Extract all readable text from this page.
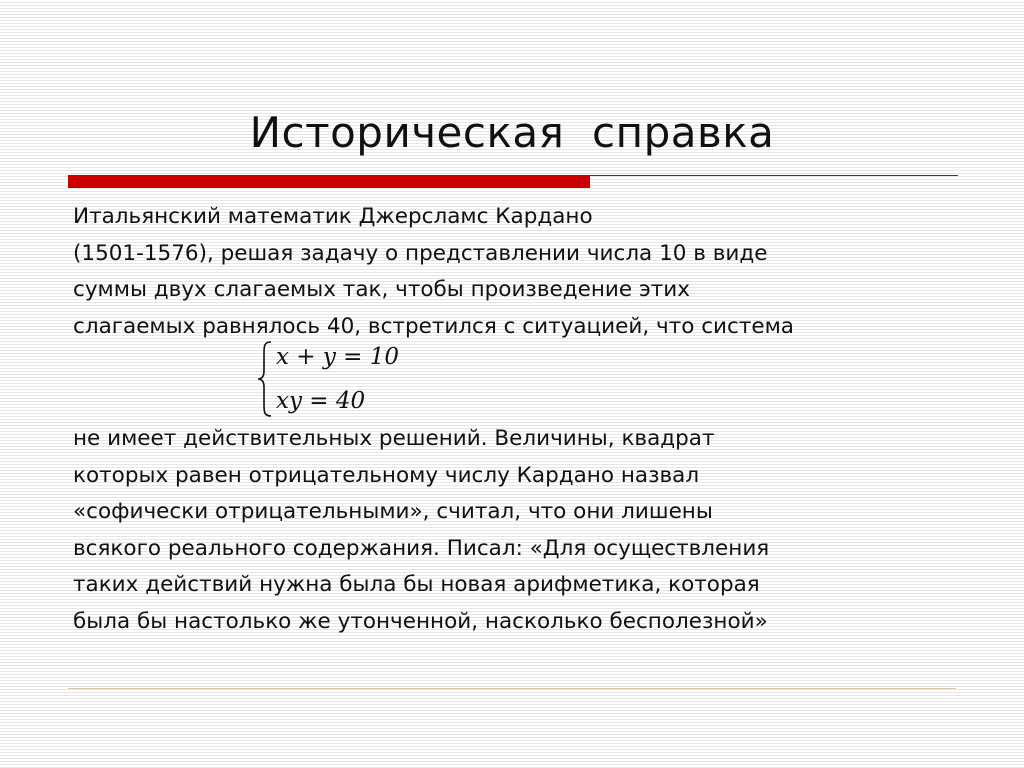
Историческая  справка
Итальянский математик Джерсламс Кардано
(1501-1576), решая задачу о представлении числа 10 в виде
суммы двух слагаемых так, чтобы произведение этих
слагаемых равнялось 40, встретился с ситуацией, что система
x + y = 10
xy = 40
не имеет действительных решений. Величины, квадрат
которых равен отрицательному числу Кардано назвал
«софически отрицательными», считал, что они лишены
всякого реального содержания. Писал: «Для осуществления
таких действий нужна была бы новая арифметика, которая
была бы настолько же утонченной, насколько бесполезной»
